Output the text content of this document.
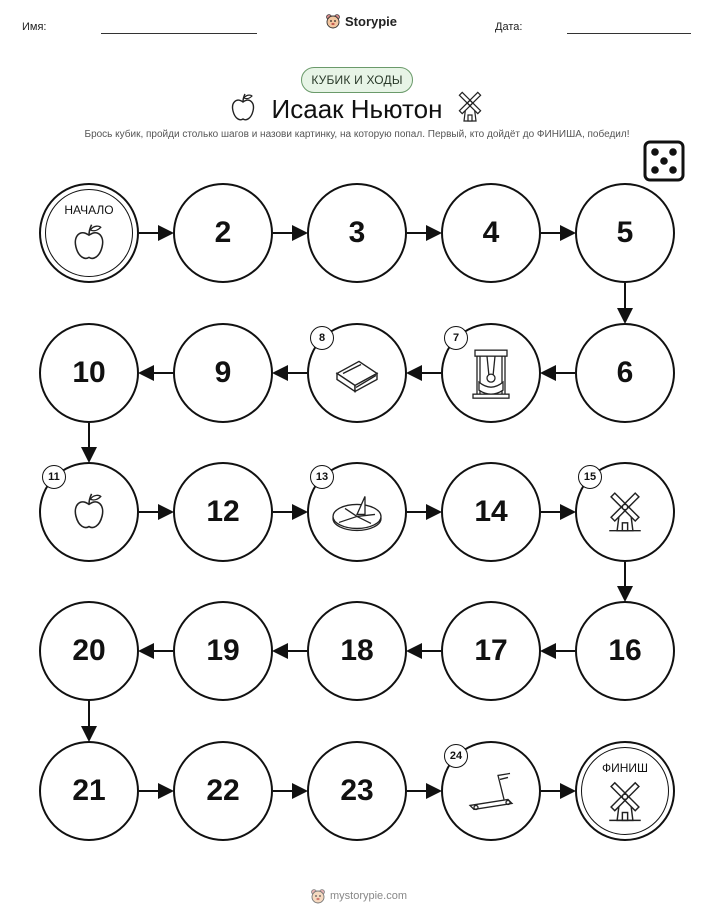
Имя:	Storypie	Дата:
КУБИК И ХОДЫ
Исаак Ньютон
Брось кубик, пройди столько шагов и назови картинку, на которую попал. Первый, кто дойдёт до ФИНИША, победил!
НАЧАЛО
2	3	4	5
6
7
8
9
10
11
12
13
14
15
16
17
18
19
20
21	22	23
24
ФИНИШ
mystorypie.com
